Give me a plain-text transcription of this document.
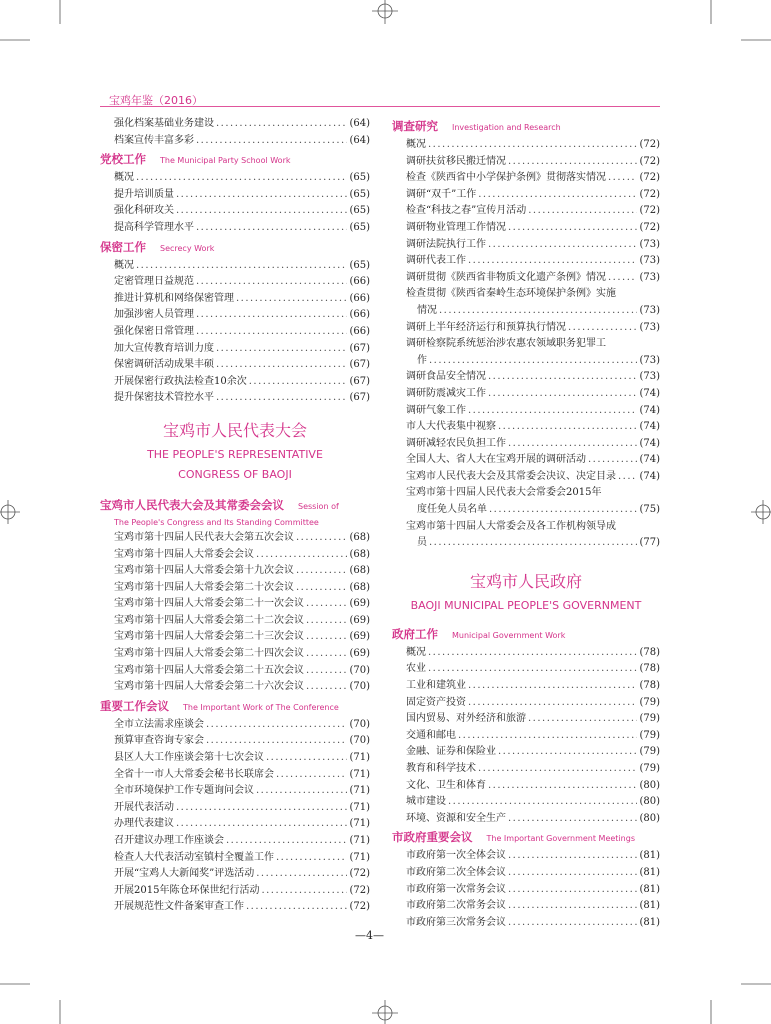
宝鸡年鉴（2016）
强化档案基础业务建设 .....	(64)
档案宣传丰富多彩 .....	(64)
党校工作 The Municipal Party School Work
概况 .....	(65)
提升培训质量 .....	(65)
强化科研攻关 .....	(65)
提高科学管理水平 .....	(65)
保密工作 Secrecy Work
概况 .....	(65)
定密管理日益规范 .....	(66)
推进计算机和网络保密管理 .....	(66)
加强涉密人员管理 .....	(66)
强化保密日常管理 .....	(66)
加大宣传教育培训力度 .....	(67)
保密调研活动成果丰硕 .....	(67)
开展保密行政执法检查10余次 .....	(67)
提升保密技术管控水平 .....	(67)
宝鸡市人民代表大会
THE PEOPLE'S REPRESENTATIVE
CONGRESS OF BAOJI
宝鸡市人民代表大会及其常委会会议 Session of
The People's Congress and Its Standing Committee
宝鸡市第十四届人民代表大会第五次会议 .....	(68)
宝鸡市第十四届人大常委会会议 .....	(68)
宝鸡市第十四届人大常委会第十九次会议 .....	(68)
宝鸡市第十四届人大常委会第二十次会议 .....	(68)
宝鸡市第十四届人大常委会第二十一次会议 .....	(69)
宝鸡市第十四届人大常委会第二十二次会议 .....	(69)
宝鸡市第十四届人大常委会第二十三次会议 .....	(69)
宝鸡市第十四届人大常委会第二十四次会议 .....	(69)
宝鸡市第十四届人大常委会第二十五次会议 .....	(70)
宝鸡市第十四届人大常委会第二十六次会议 .....	(70)
重要工作会议 The Important Work of The Conference
全市立法需求座谈会 .....	(70)
预算审查咨询专家会 .....	(70)
县区人大工作座谈会第十七次会议 .....	(71)
全省十一市人大常委会秘书长联席会 .....	(71)
全市环境保护工作专题询问会议 .....	(71)
开展代表活动 .....	(71)
办理代表建议 .....	(71)
召开建议办理工作座谈会 .....	(71)
检查人大代表活动室镇村全覆盖工作 .....	(71)
开展“宝鸡人大新闻奖”评选活动 .....	(72)
开展2015年陈仓环保世纪行活动 .....	(72)
开展规范性文件备案审查工作 .....	(72)
调查研究 Investigation and Research
概况 .....	(72)
调研扶贫移民搬迁情况 .....	(72)
检查《陕西省中小学保护条例》贯彻落实情况 .....	(72)
调研“双千”工作 .....	(72)
检查“科技之春”宣传月活动 .....	(72)
调研物业管理工作情况 .....	(72)
调研法院执行工作 .....	(73)
调研代表工作 .....	(73)
调研贯彻《陕西省非物质文化遗产条例》情况 .....	(73)
检查贯彻《陕西省秦岭生态环境保护条例》实施
情况 .....	(73)
调研上半年经济运行和预算执行情况 .....	(73)
调研检察院系统惩治涉农惠农领域职务犯罪工
作 .....	(73)
调研食品安全情况 .....	(73)
调研防震减灾工作 .....	(74)
调研气象工作 .....	(74)
市人大代表集中视察 .....	(74)
调研减轻农民负担工作 .....	(74)
全国人大、省人大在宝鸡开展的调研活动 .....	(74)
宝鸡市人民代表大会及其常委会决议、决定目录 ..... (74)
宝鸡市第十四届人民代表大会常委会2015年
度任免人员名单 .....	(75)
宝鸡市第十四届人大常委会及各工作机构领导成
员 .....	(77)
宝鸡市人民政府
BAOJI MUNICIPAL PEOPLE'S GOVERNMENT
政府工作 Municipal Government Work
概况 .....	(78)
农业 .....	(78)
工业和建筑业 .....	(78)
固定资产投资 .....	(79)
国内贸易、对外经济和旅游 .....	(79)
交通和邮电 .....	(79)
金融、证券和保险业 .....	(79)
教育和科学技术 .....	(79)
文化、卫生和体育 .....	(80)
城市建设 .....	(80)
环境、资源和安全生产 .....	(80)
市政府重要会议 The Important Government Meetings
市政府第一次全体会议 .....	(81)
市政府第二次全体会议 .....	(81)
市政府第一次常务会议 .....	(81)
市政府第二次常务会议 .....	(81)
市政府第三次常务会议 .....	(81)
—4—
